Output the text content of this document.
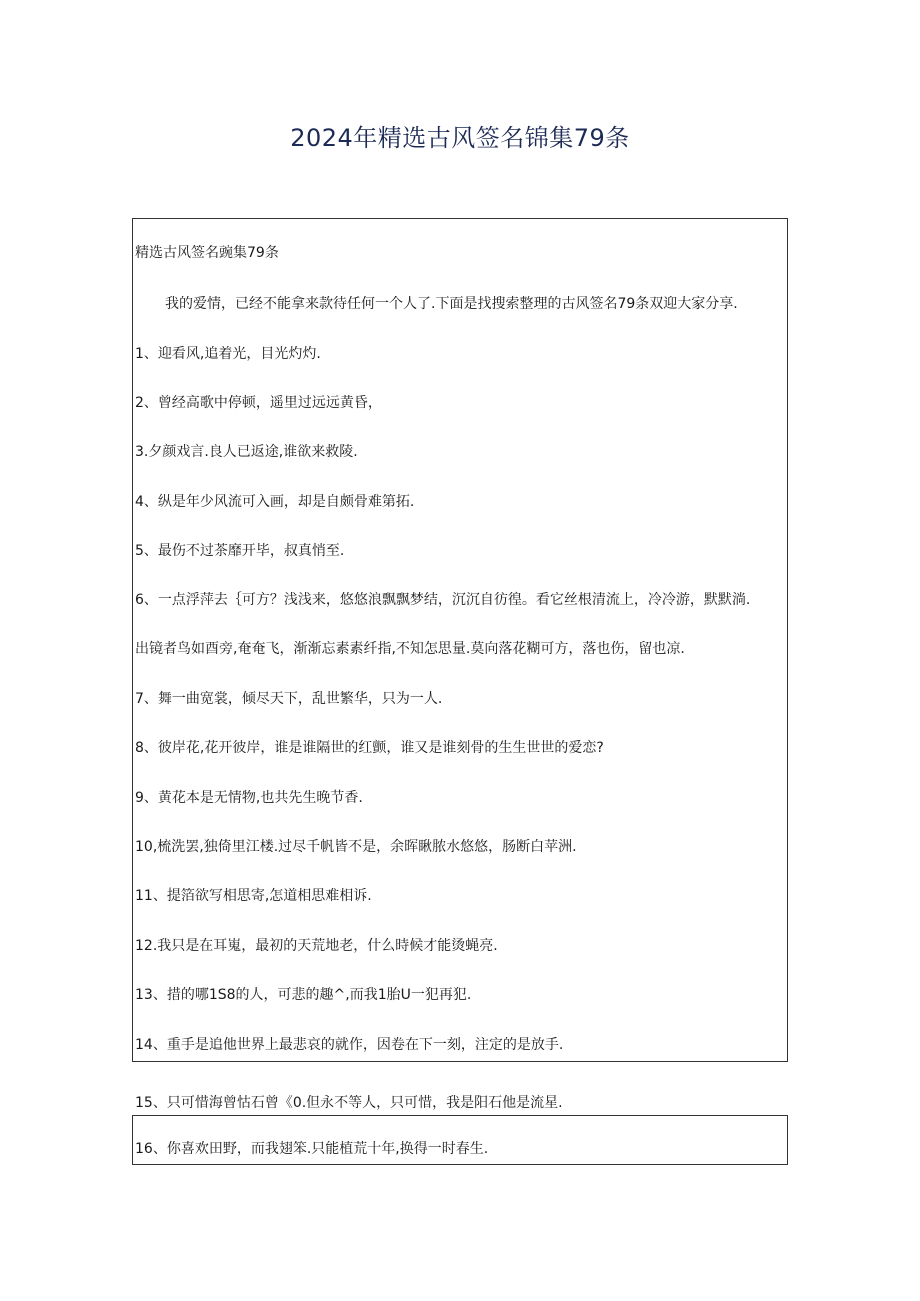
2024年精选古风签名锦集79条
精选古风签名豌集79条
我的爱情，已经不能拿来款待任何一个人了.下面是找搜索整理的古风签名79条双迎大家分享.
1、迎看风,追着光，目光灼灼.
2、曾经高歌中停顿，遥里过远远黄昏，
3.夕颜戏言.良人已返途,谁欲来救陵.
4、纵是年少风流可入画，却是自颇骨难第拓.
5、最伤不过茶靡开毕，叔真悄至.
6、一点浮萍去｛可方？浅浅来，悠悠浪飘飘梦结，沉沉自彷徨。看它丝根清流上，冷冷游，默默淌.
出镜者鸟如酉旁,奄奄飞，渐渐忘素素纤指,不知怎思量.莫向落花糊可方，落也伤，留也凉.
7、舞一曲宽裳，倾尽天下，乱世繁华，只为一人.
8、彼岸花,花开彼岸，谁是谁隔世的红颤，谁又是谁刻骨的生生世世的爱恋?
9、黄花本是无情物,也共先生晚节香.
10,梳洗罢,独倚里江楼.过尽千帆皆不是，余晖瞅脓水悠悠，肠断白苹洲.
11、提箔欲写相思寄,怎道相思难相诉.
12.我只是在耳嵬，最初的天荒地老，什么時候才能烫蝇亮.
13、措的哪1S8的人，可悲的趣^,而我1胎U一犯再犯.
14、重手是追他世界上最悲哀的就作，因卷在下一刻，注定的是放手.
15、只可惜海曾怙石曾《0.但永不等人，只可惜，我是阳石他是流星.
16、你喜欢田野，而我翅笨.只能植荒十年,换得一时春生.
